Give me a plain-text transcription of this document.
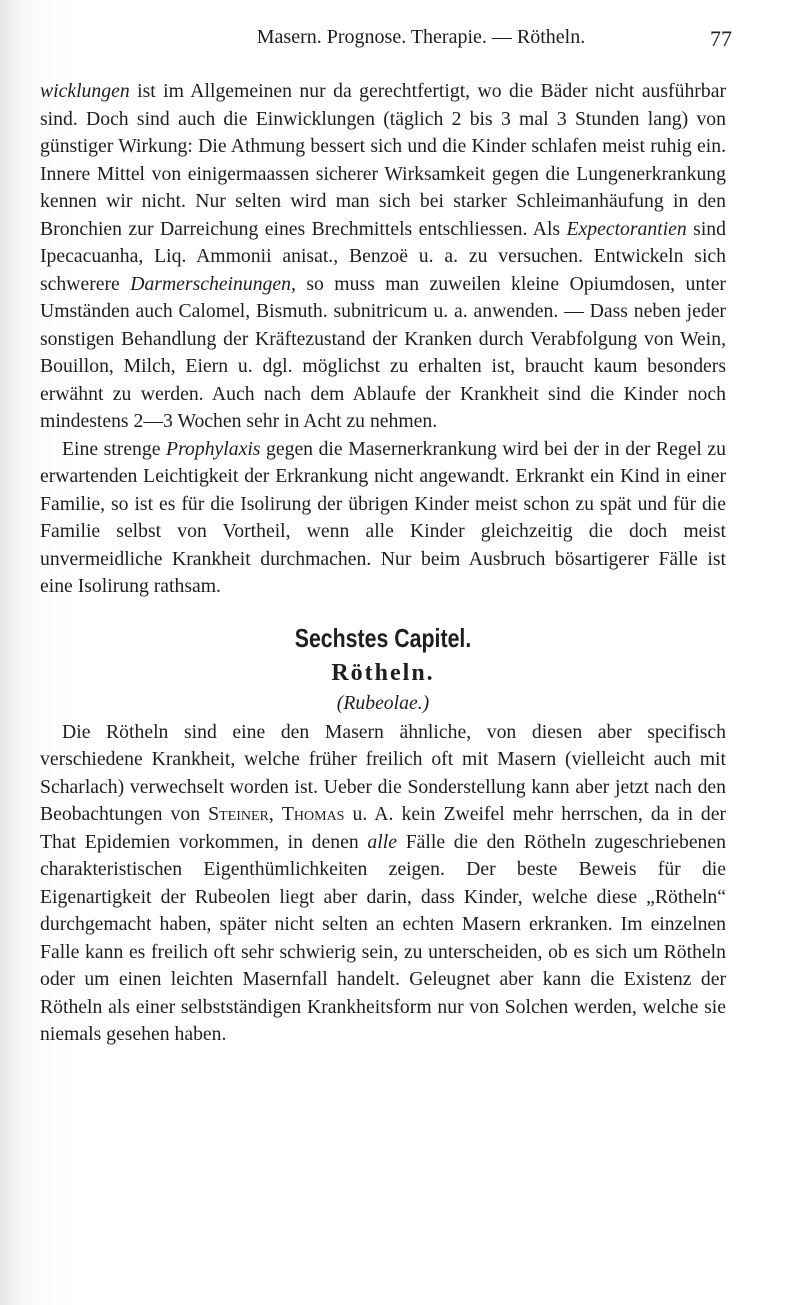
Masern. Prognose. Therapie. — Rötheln.	77

wicklungen ist im Allgemeinen nur da gerechtfertigt, wo die Bäder nicht ausführbar sind. Doch sind auch die Einwicklungen (täglich 2 bis 3 mal 3 Stunden lang) von günstiger Wirkung: Die Athmung bessert sich und die Kinder schlafen meist ruhig ein. Innere Mittel von einigermaassen sicherer Wirksamkeit gegen die Lungenerkrankung kennen wir nicht. Nur selten wird man sich bei starker Schleimanhäufung in den Bronchien zur Darreichung eines Brechmittels entschliessen. Als Expectorantien sind Ipecacuanha, Liq. Ammonii anisat., Benzoë u. a. zu versuchen. Entwickeln sich schwerere Darmerscheinungen, so muss man zuweilen kleine Opiumdosen, unter Umständen auch Calomel, Bismuth. subnitricum u. a. anwenden. — Dass neben jeder sonstigen Behandlung der Kräftezustand der Kranken durch Verabfolgung von Wein, Bouillon, Milch, Eiern u. dgl. möglichst zu erhalten ist, braucht kaum besonders erwähnt zu werden. Auch nach dem Ablaufe der Krankheit sind die Kinder noch mindestens 2—3 Wochen sehr in Acht zu nehmen.

Eine strenge Prophylaxis gegen die Masernerkrankung wird bei der in der Regel zu erwartenden Leichtigkeit der Erkrankung nicht angewandt. Erkrankt ein Kind in einer Familie, so ist es für die Isolirung der übrigen Kinder meist schon zu spät und für die Familie selbst von Vortheil, wenn alle Kinder gleichzeitig die doch meist unvermeidliche Krankheit durchmachen. Nur beim Ausbruch bösartigerer Fälle ist eine Isolirung rathsam.

Sechstes Capitel.
Rötheln.
(Rubeolae.)

Die Rötheln sind eine den Masern ähnliche, von diesen aber specifisch verschiedene Krankheit, welche früher freilich oft mit Masern (vielleicht auch mit Scharlach) verwechselt worden ist. Ueber die Sonderstellung kann aber jetzt nach den Beobachtungen von Steiner, Thomas u. A. kein Zweifel mehr herrschen, da in der That Epidemien vorkommen, in denen alle Fälle die den Rötheln zugeschriebenen charakteristischen Eigenthümlichkeiten zeigen. Der beste Beweis für die Eigenartigkeit der Rubeolen liegt aber darin, dass Kinder, welche diese „Rötheln“ durchgemacht haben, später nicht selten an echten Masern erkranken. Im einzelnen Falle kann es freilich oft sehr schwierig sein, zu unterscheiden, ob es sich um Rötheln oder um einen leichten Masernfall handelt. Geleugnet aber kann die Existenz der Rötheln als einer selbstständigen Krankheitsform nur von Solchen werden, welche sie niemals gesehen haben.
